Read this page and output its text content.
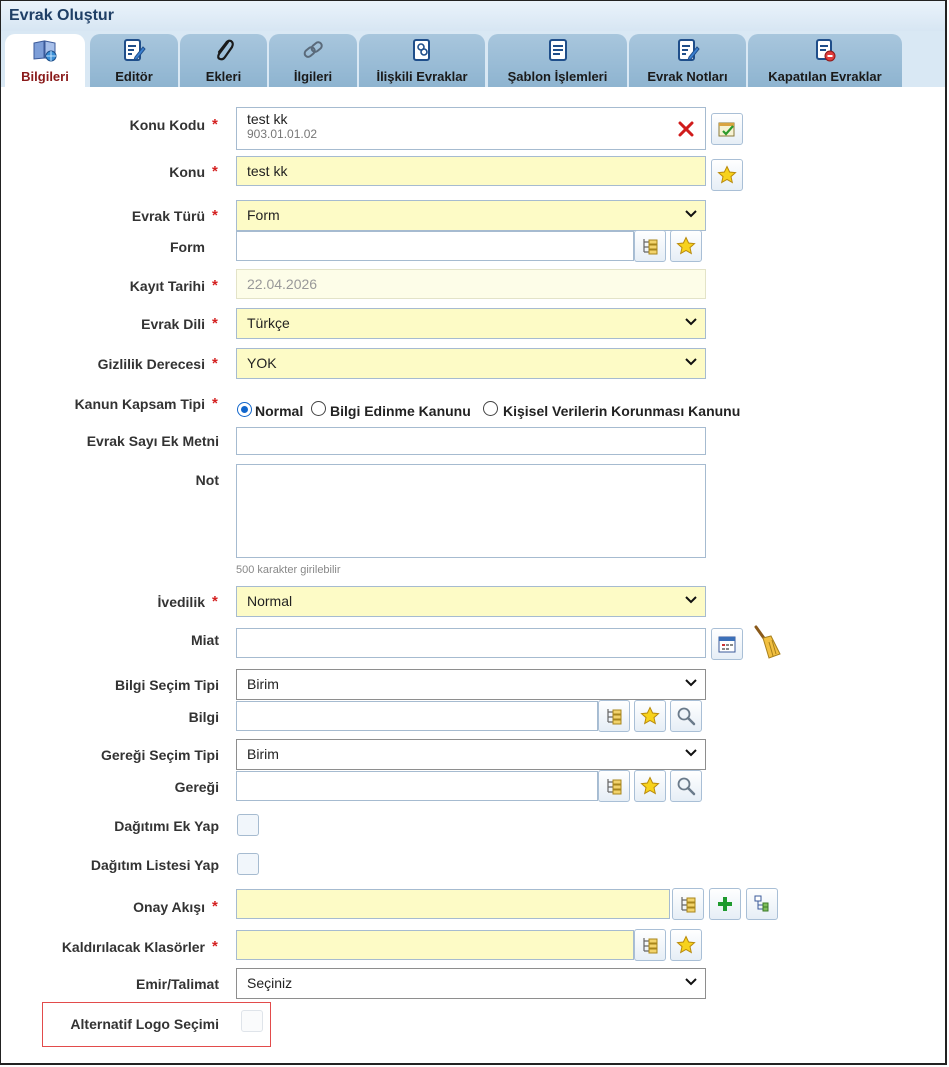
Evrak Oluştur
Bilgileri	Editör	Ekleri	İlgileri	İlişkili Evraklar	Şablon İşlemleri	Evrak Notları	Kapatılan Evraklar
Konu Kodu * test kk
903.01.01.02
Konu *	test kk
Evrak Türü *	Form
Form
Kayıt Tarihi *	22.04.2026
Evrak Dili *	Türkçe
Gizlilik Derecesi *	YOK
Kanun Kapsam Tipi *	Normal Bilgi Edinme Kanunu Kişisel Verilerin Korunması Kanunu
Evrak Sayı Ek Metni
Not
500 karakter girilebilir
İvedilik *	Normal
Miat
Bilgi Seçim Tipi	Birim
Bilgi
Gereği Seçim Tipi	Birim
Gereği
Dağıtımı Ek Yap
Dağıtım Listesi Yap
Onay Akışı *
Kaldırılacak Klasörler *
Emir/Talimat	Seçiniz
Alternatif Logo Seçimi
